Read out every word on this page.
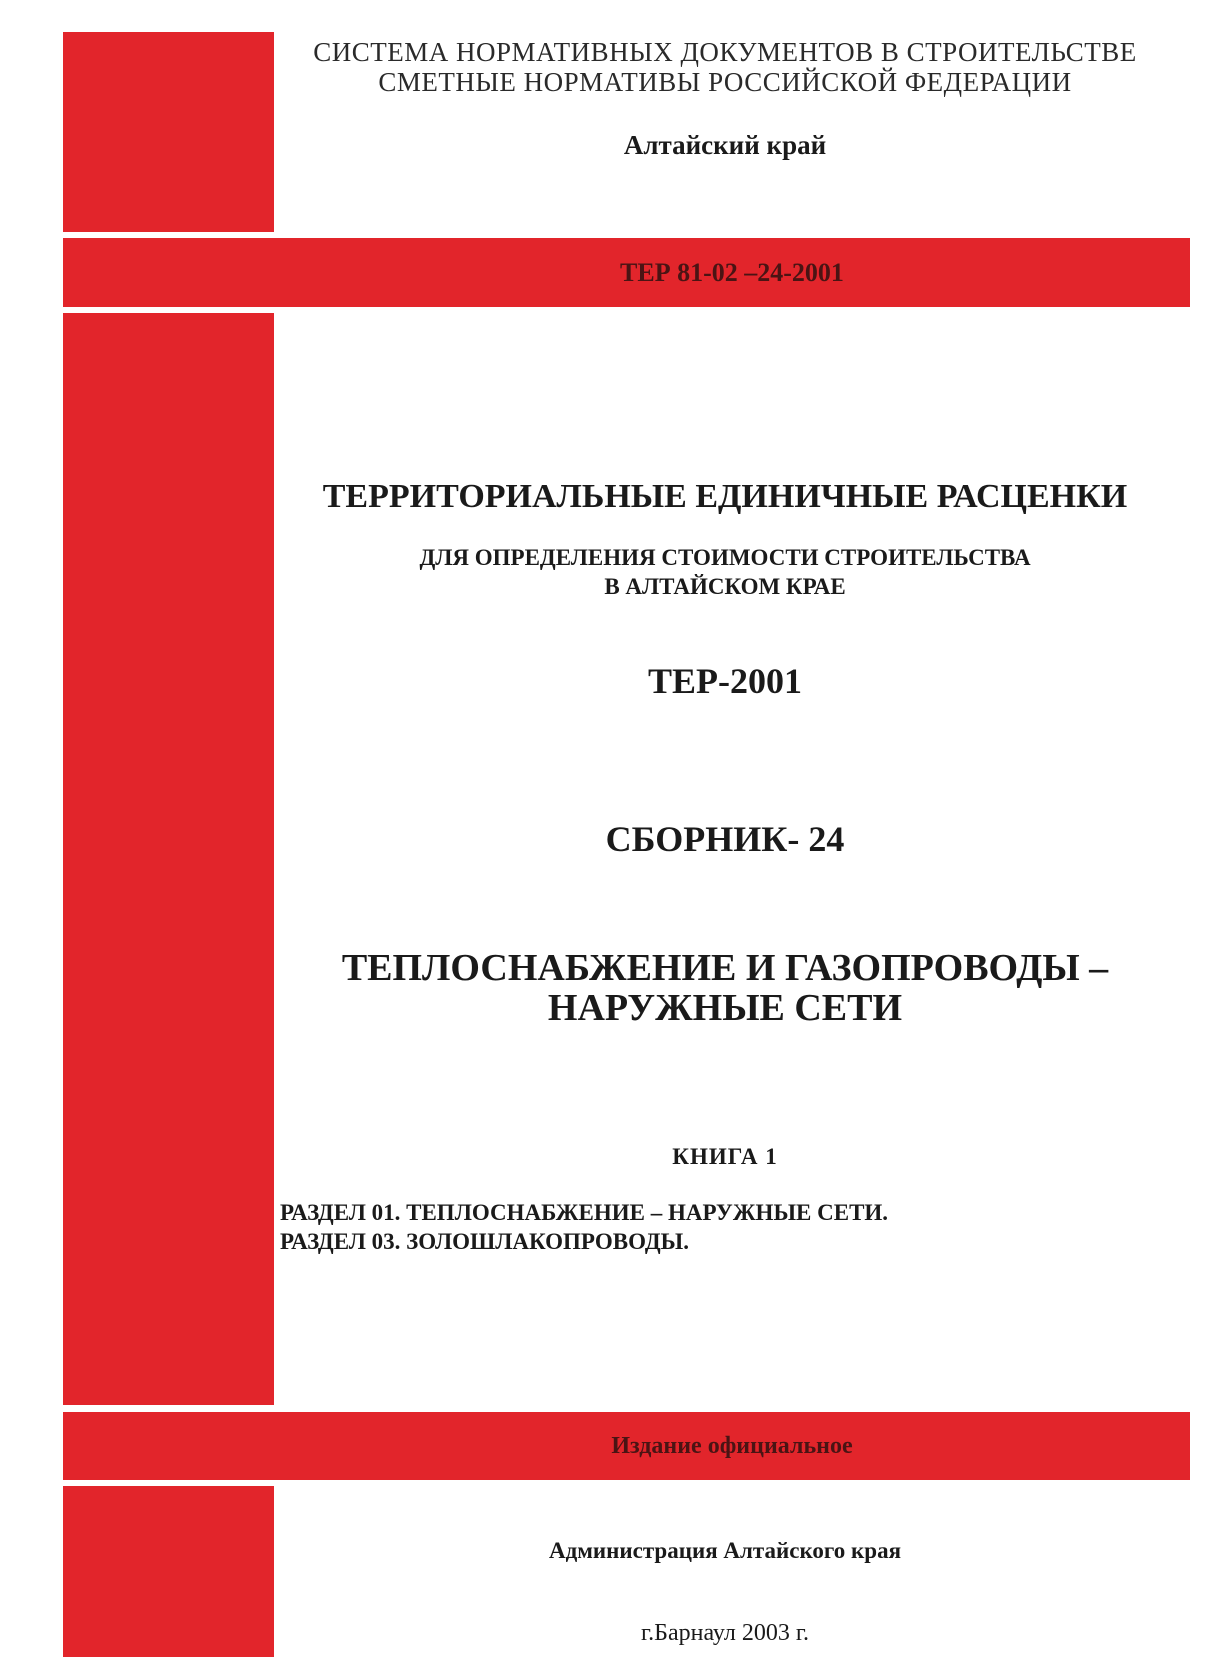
СИСТЕМА НОРМАТИВНЫХ ДОКУМЕНТОВ В СТРОИТЕЛЬСТВЕ
СМЕТНЫЕ НОРМАТИВЫ РОССИЙСКОЙ ФЕДЕРАЦИИ
Алтайский край
ТЕР 81-02 –24-2001
ТЕРРИТОРИАЛЬНЫЕ ЕДИНИЧНЫЕ РАСЦЕНКИ
ДЛЯ ОПРЕДЕЛЕНИЯ СТОИМОСТИ СТРОИТЕЛЬСТВА
В АЛТАЙСКОМ КРАЕ
ТЕР-2001
СБОРНИК- 24
ТЕПЛОСНАБЖЕНИЕ И ГАЗОПРОВОДЫ –
НАРУЖНЫЕ СЕТИ
КНИГА 1
РАЗДЕЛ 01. ТЕПЛОСНАБЖЕНИЕ – НАРУЖНЫЕ СЕТИ.
РАЗДЕЛ 03. ЗОЛОШЛАКОПРОВОДЫ.
Издание официальное
Администрация Алтайского края
г.Барнаул 2003 г.
